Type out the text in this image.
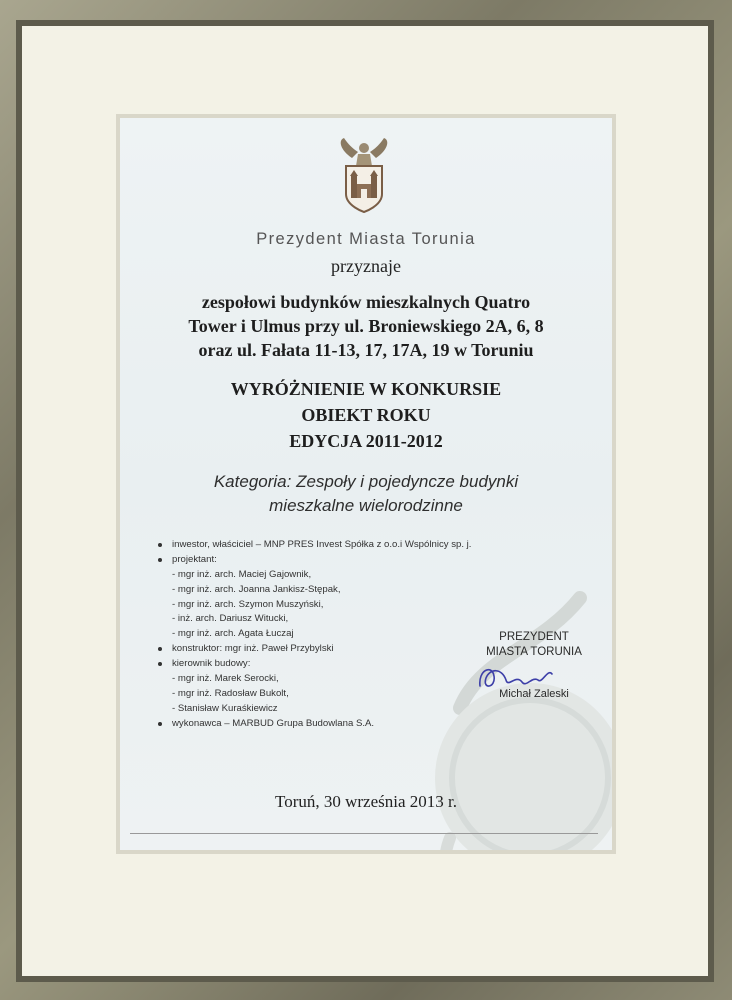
Prezydent Miasta Torunia
przyznaje
zespołowi budynków mieszkalnych Quatro
Tower i Ulmus przy ul. Broniewskiego 2A, 6, 8
oraz ul. Fałata 11-13, 17, 17A, 19 w Toruniu
WYRÓŻNIENIE W KONKURSIE
OBIEKT ROKU
EDYCJA 2011-2012
Kategoria: Zespoły i pojedyncze budynki
mieszkalne wielorodzinne
inwestor, właściciel – MNP PRES Invest Spółka z o.o.i Wspólnicy sp. j.
projektant:
- mgr inż. arch. Maciej Gajownik,
- mgr inż. arch. Joanna Jankisz-Stępak,
- mgr inż. arch. Szymon Muszyński,
- inż. arch. Dariusz Witucki,
- mgr inż. arch. Agata Łuczaj
konstruktor: mgr inż. Paweł Przybylski
kierownik budowy:
- mgr inż. Marek Serocki,
- mgr inż. Radosław Bukolt,
- Stanisław Kuraśkiewicz
wykonawca – MARBUD Grupa Budowlana S.A.
PREZYDENT
MIASTA TORUNIA
Michał Zaleski
Toruń, 30 września 2013 r.
